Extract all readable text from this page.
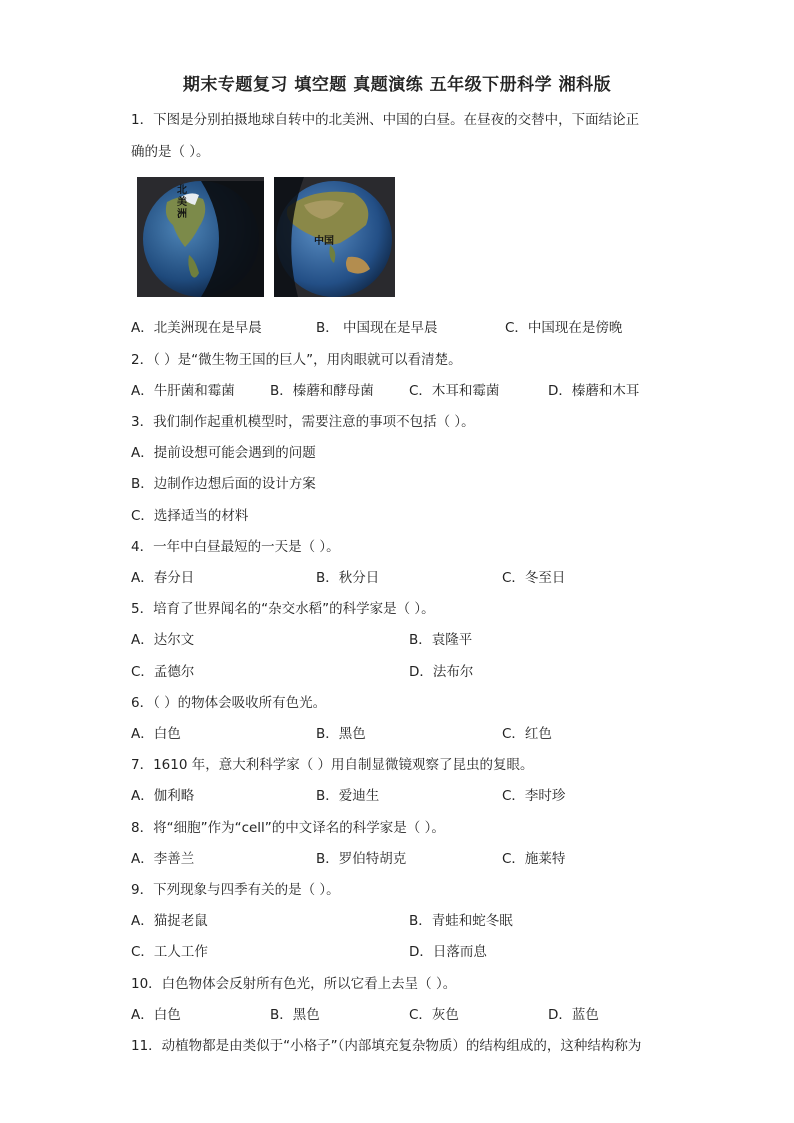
期末专题复习 填空题 真题演练 五年级下册科学 湘科版
1．下图是分别拍摄地球自转中的北美洲、中国的白昼。在昼夜的交替中，下面结论正
确的是（ ）。
北美洲
中国
A．北美洲现在是早晨	B． 中国现在是早晨	C．中国现在是傍晚
2．（ ）是“微生物王国的巨人”，用肉眼就可以看清楚。
A．牛肝菌和霉菌	B．榛蘑和酵母菌	C．木耳和霉菌	D．榛蘑和木耳
3．我们制作起重机模型时，需要注意的事项不包括（ ）。
A．提前设想可能会遇到的问题
B．边制作边想后面的设计方案
C．选择适当的材料
4．一年中白昼最短的一天是（ ）。
A．春分日	B．秋分日	C．冬至日
5．培育了世界闻名的“杂交水稻”的科学家是（ ）。
A．达尔文	B．袁隆平
C．孟德尔	D．法布尔
6．（ ）的物体会吸收所有色光。
A．白色	B．黑色	C．红色
7．1610 年，意大利科学家（ ）用自制显微镜观察了昆虫的复眼。
A．伽利略	B．爱迪生	C．李时珍
8．将“细胞”作为“cell”的中文译名的科学家是（ ）。
A．李善兰	B．罗伯特胡克	C．施莱特
9．下列现象与四季有关的是（ ）。
A．猫捉老鼠	B．青蛙和蛇冬眠
C．工人工作	D．日落而息
10．白色物体会反射所有色光，所以它看上去呈（ ）。
A．白色	B．黑色	C．灰色	D．蓝色
11．动植物都是由类似于“小格子”（内部填充复杂物质）的结构组成的，这种结构称为
